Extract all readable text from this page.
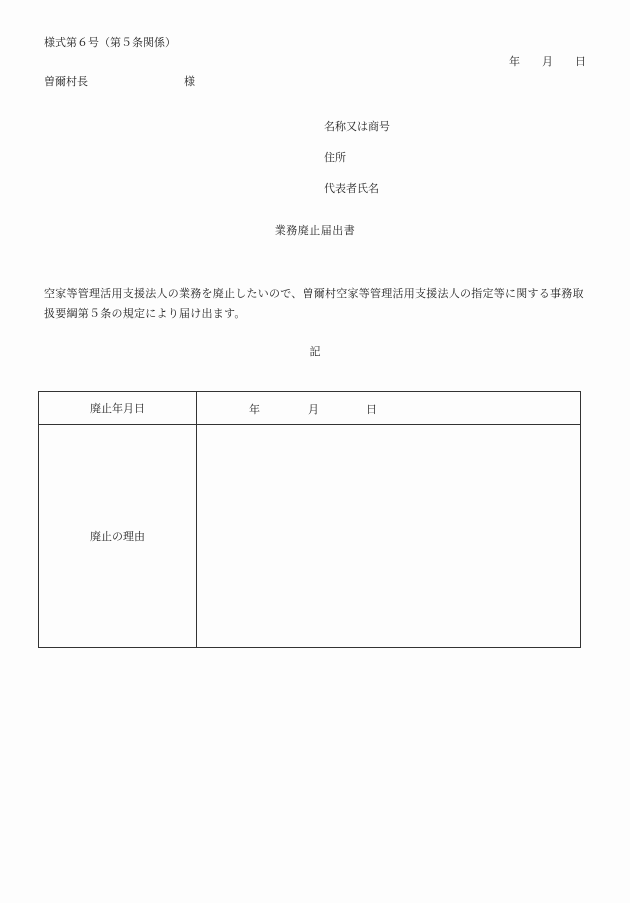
様式第６号（第５条関係）
年 月 日
曽爾村長	様
名称又は商号
住所
代表者氏名
業務廃止届出書
空家等管理活用支援法人の業務を廃止したいので、曽爾村空家等管理活用支援法人の指定等に関する事務取扱要綱第５条の規定により届け出ます。
記
廃止年月日	年	月	日
廃止の理由
